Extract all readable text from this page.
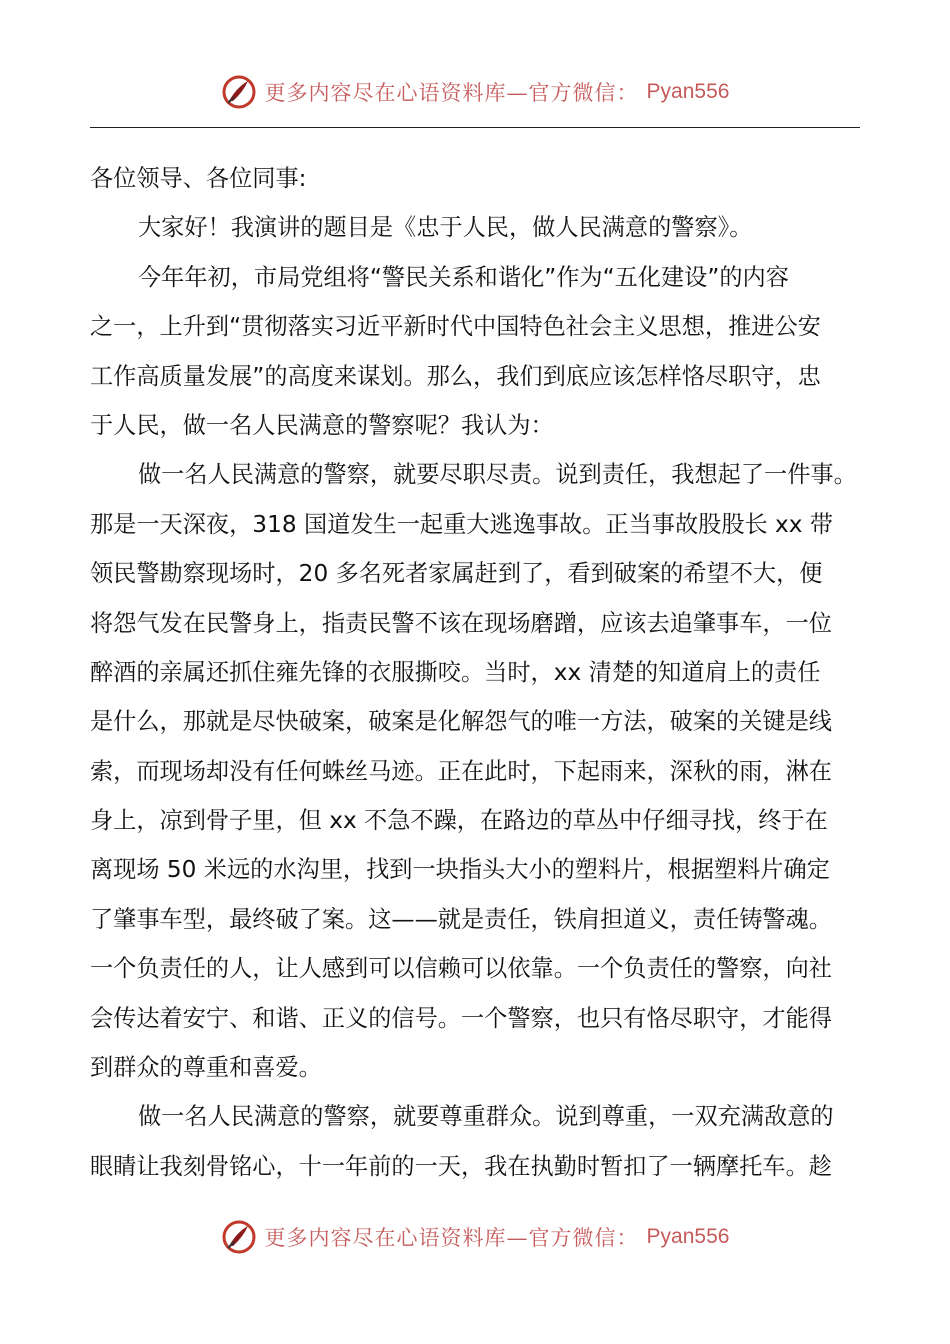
更多内容尽在心语资料库—官方微信： Pyan556
各位领导、各位同事:
大家好！我演讲的题目是《忠于人民，做人民满意的警察》。
今年年初，市局党组将“警民关系和谐化”作为“五化建设”的内容
之一，上升到“贯彻落实习近平新时代中国特色社会主义思想，推进公安
工作高质量发展”的高度来谋划。那么，我们到底应该怎样恪尽职守，忠
于人民，做一名人民满意的警察呢？我认为：
做一名人民满意的警察，就要尽职尽责。说到责任，我想起了一件事。
那是一天深夜，318 国道发生一起重大逃逸事故。正当事故股股长 xx 带
领民警勘察现场时，20 多名死者家属赶到了，看到破案的希望不大，便
将怨气发在民警身上，指责民警不该在现场磨蹭，应该去追肇事车，一位
醉酒的亲属还抓住雍先锋的衣服撕咬。当时，xx 清楚的知道肩上的责任
是什么，那就是尽快破案，破案是化解怨气的唯一方法，破案的关键是线
索，而现场却没有任何蛛丝马迹。正在此时，下起雨来，深秋的雨，淋在
身上，凉到骨子里，但 xx 不急不躁，在路边的草丛中仔细寻找，终于在
离现场 50 米远的水沟里，找到一块指头大小的塑料片，根据塑料片确定
了肇事车型，最终破了案。这——就是责任，铁肩担道义，责任铸警魂。
一个负责任的人，让人感到可以信赖可以依靠。一个负责任的警察，向社
会传达着安宁、和谐、正义的信号。一个警察，也只有恪尽职守，才能得
到群众的尊重和喜爱。
做一名人民满意的警察，就要尊重群众。说到尊重，一双充满敌意的
眼睛让我刻骨铭心，十一年前的一天，我在执勤时暂扣了一辆摩托车。趁
更多内容尽在心语资料库—官方微信： Pyan556
